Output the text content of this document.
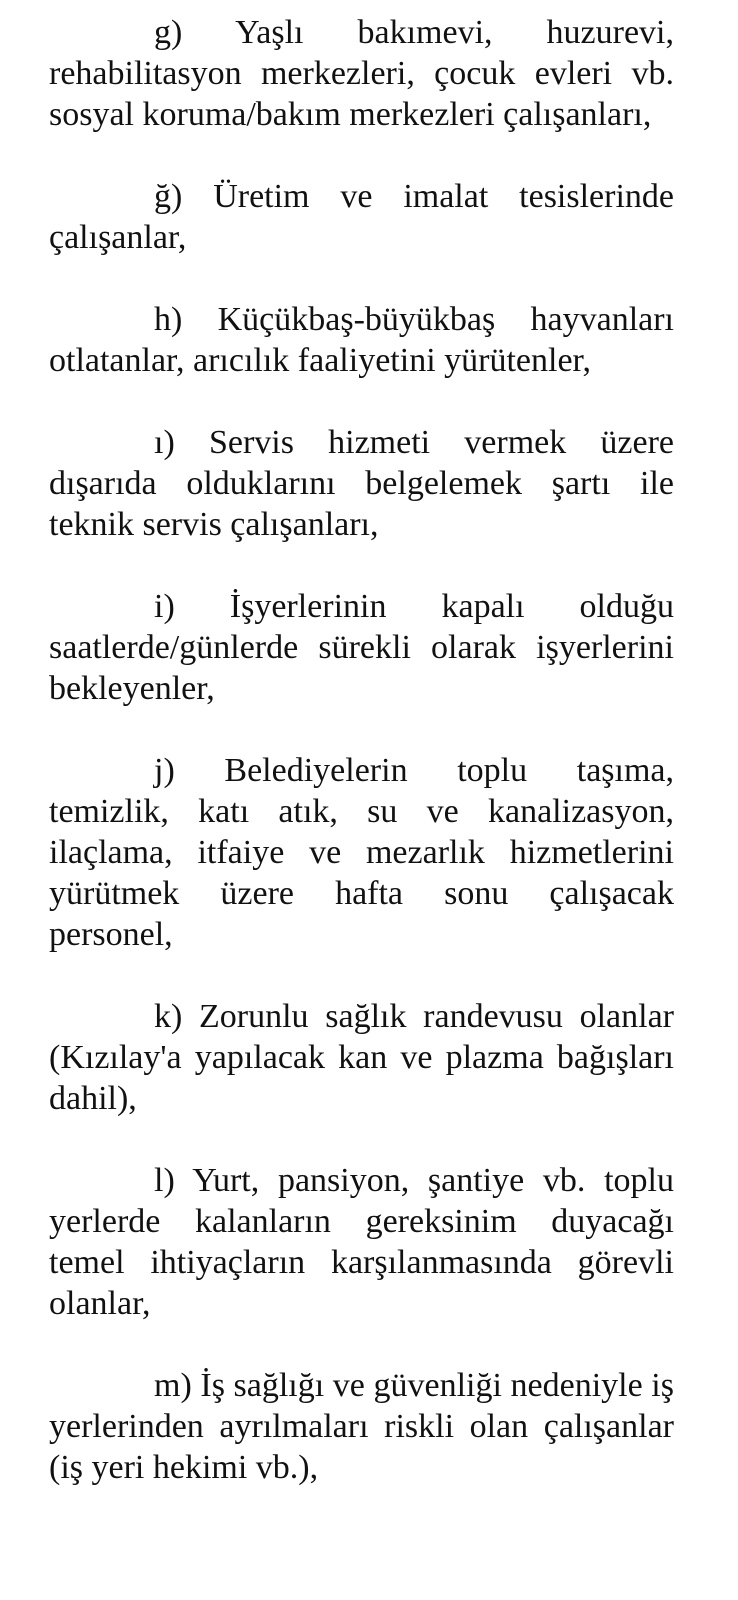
g) Yaşlı bakımevi, huzurevi, rehabilitasyon merkezleri, çocuk evleri vb. sosyal koruma/bakım merkezleri çalışanları,

ğ) Üretim ve imalat tesislerinde çalışanlar,

h) Küçükbaş-büyükbaş hayvanları otlatanlar, arıcılık faaliyetini yürütenler,

ı) Servis hizmeti vermek üzere dışarıda olduklarını belgelemek şartı ile teknik servis çalışanları,

i) İşyerlerinin kapalı olduğu saatlerde/günlerde sürekli olarak işyerlerini bekleyenler,

j) Belediyelerin toplu taşıma, temizlik, katı atık, su ve kanalizasyon, ilaçlama, itfaiye ve mezarlık hizmetlerini yürütmek üzere hafta sonu çalışacak personel,

k) Zorunlu sağlık randevusu olanlar (Kızılay'a yapılacak kan ve plazma bağışları dahil),

l) Yurt, pansiyon, şantiye vb. toplu yerlerde kalanların gereksinim duyacağı temel ihtiyaçların karşılanmasında görevli olanlar,

m) İş sağlığı ve güvenliği nedeniyle iş yerlerinden ayrılmaları riskli olan çalışanlar (iş yeri hekimi vb.),
